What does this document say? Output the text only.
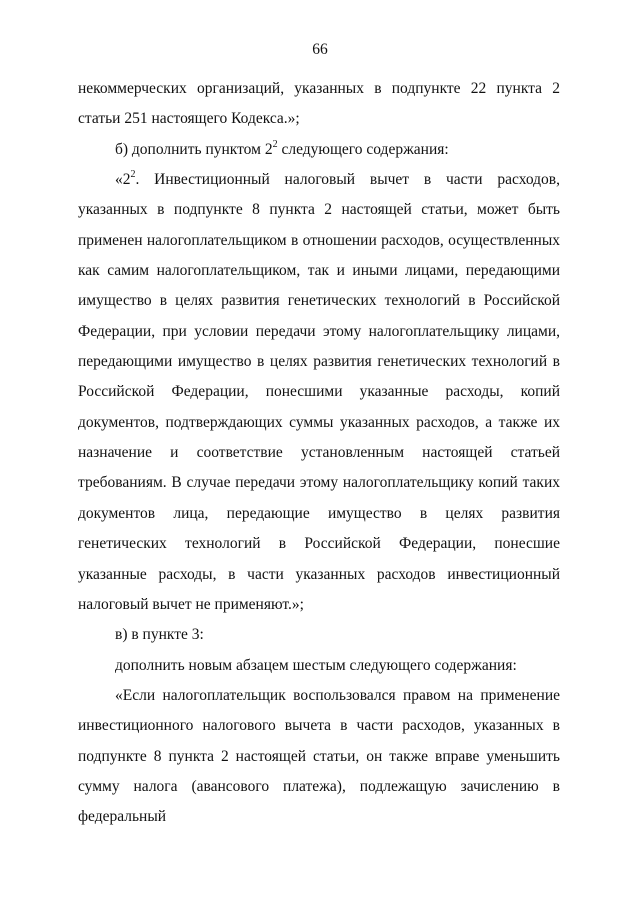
66

некоммерческих организаций, указанных в подпункте 22 пункта 2 статьи 251 настоящего Кодекса.»;

б) дополнить пунктом $2^2$ следующего содержания:

«$2^2$. Инвестиционный налоговый вычет в части расходов, указанных в подпункте 8 пункта 2 настоящей статьи, может быть применен налогоплательщиком в отношении расходов, осуществленных как самим налогоплательщиком, так и иными лицами, передающими имущество в целях развития генетических технологий в Российской Федерации, при условии передачи этому налогоплательщику лицами, передающими имущество в целях развития генетических технологий в Российской Федерации, понесшими указанные расходы, копий документов, подтверждающих суммы указанных расходов, а также их назначение и соответствие установленным настоящей статьей требованиям. В случае передачи этому налогоплательщику копий таких документов лица, передающие имущество в целях развития генетических технологий в Российской Федерации, понесшие указанные расходы, в части указанных расходов инвестиционный налоговый вычет не применяют.»;

в) в пункте 3:

дополнить новым абзацем шестым следующего содержания:

«Если налогоплательщик воспользовался правом на применение инвестиционного налогового вычета в части расходов, указанных в подпункте 8 пункта 2 настоящей статьи, он также вправе уменьшить сумму налога (авансового платежа), подлежащую зачислению в федеральный
